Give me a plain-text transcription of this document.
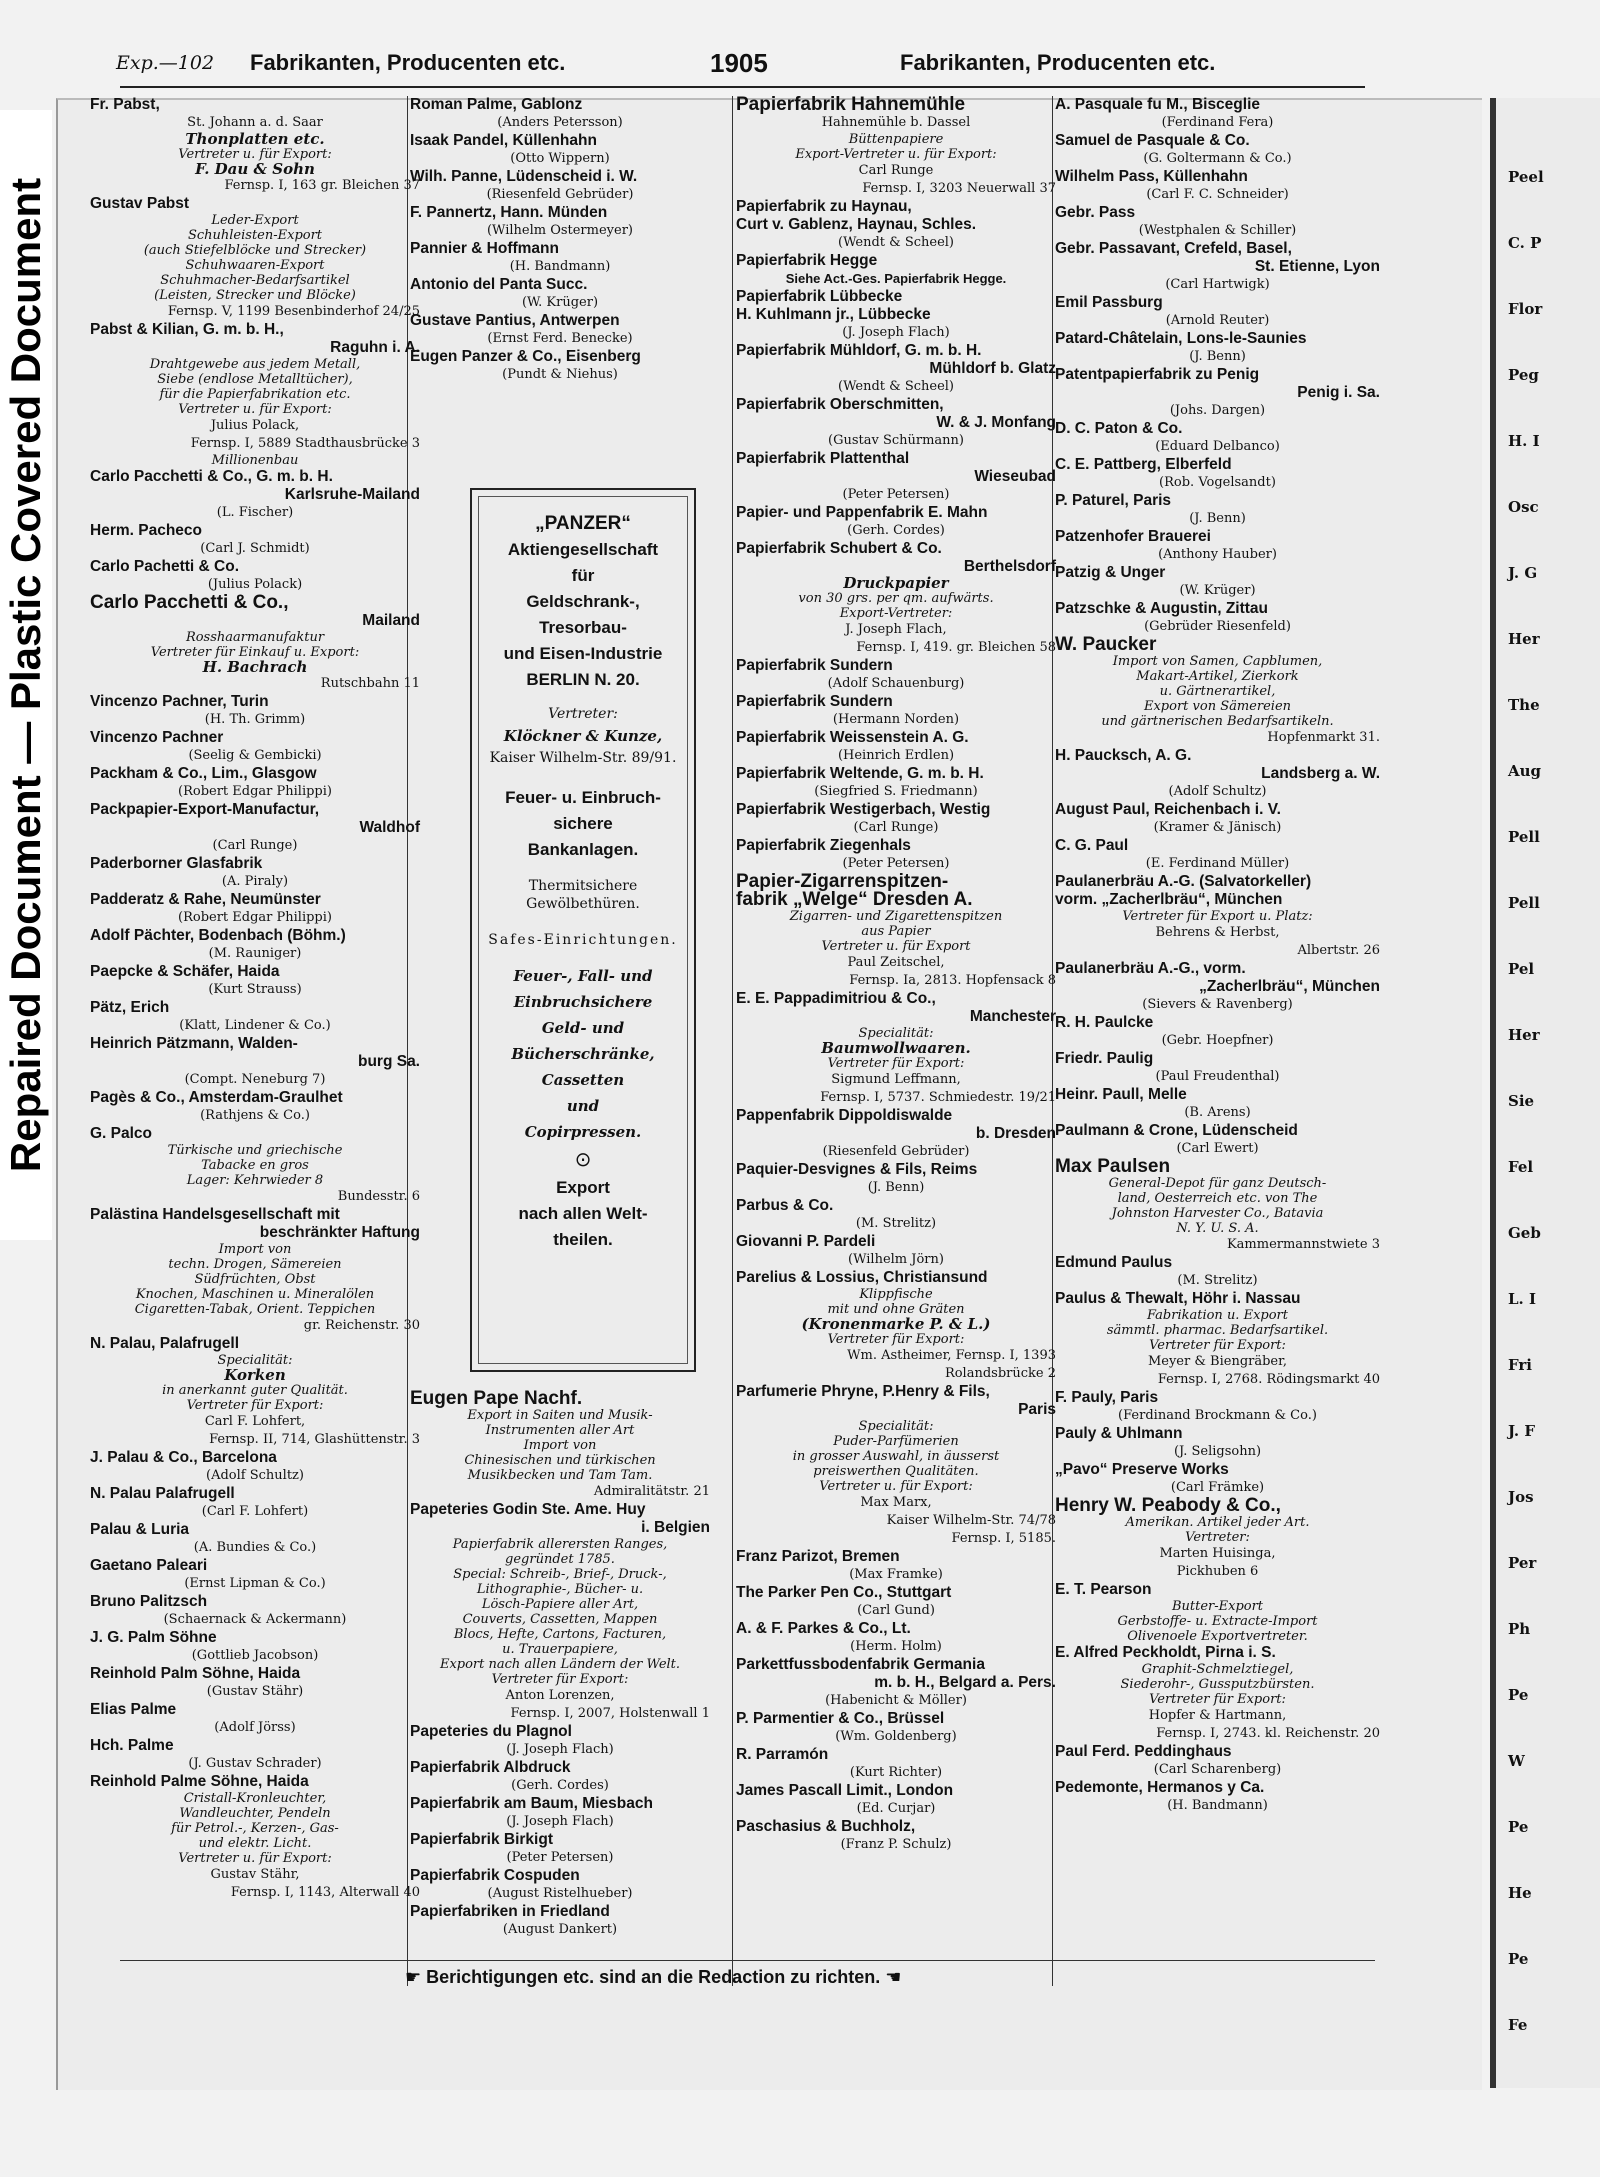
Repaired Document — Plastic Covered Document
Peel
C. P
Flor
Peg
H. I
Osc
J. G
Her
The
Aug
Pell
Pell
Pel
Her
Sie
Fel
Geb
L. I
Fri
J. F
Jos
Per
Ph
Pe
W
Pe
He
Pe
Fe
Exp.—102 Fabrikanten, Producenten etc.	1905	Fabrikanten, Producenten etc.
Fr. Pabst,
St. Johann a. d. Saar
Thonplatten etc.
Vertreter u. für Export:
F. Dau & Sohn
Fernsp. I, 163 gr. Bleichen 37
Gustav Pabst
Leder-Export
Schuhleisten-Export
(auch Stiefelblöcke und Strecker)
Schuhwaaren-Export
Schuhmacher-Bedarfsartikel
(Leisten, Strecker und Blöcke)
Fernsp. V, 1199 Besenbinderhof 24/25
Pabst & Kilian, G. m. b. H.,
Raguhn i. A.
Drahtgewebe aus jedem Metall,
Siebe (endlose Metalltücher),
für die Papierfabrikation etc.
Vertreter u. für Export:
Julius Polack,
Fernsp. I, 5889 Stadthausbrücke 3
Millionenbau
Carlo Pacchetti & Co., G. m. b. H.
Karlsruhe-Mailand
(L. Fischer)
Herm. Pacheco
(Carl J. Schmidt)
Carlo Pachetti & Co.
(Julius Polack)
Carlo Pacchetti & Co.,
Mailand
Rosshaarmanufaktur
Vertreter für Einkauf u. Export:
H. Bachrach
Rutschbahn 11
Vincenzo Pachner, Turin
(H. Th. Grimm)
Vincenzo Pachner
(Seelig & Gembicki)
Packham & Co., Lim., Glasgow
(Robert Edgar Philippi)
Packpapier-Export-Manufactur,
Waldhof
(Carl Runge)
Paderborner Glasfabrik
(A. Piraly)
Padderatz & Rahe, Neumünster
(Robert Edgar Philippi)
Adolf Pächter, Bodenbach (Böhm.)
(M. Rauniger)
Paepcke & Schäfer, Haida
(Kurt Strauss)
Pätz, Erich
(Klatt, Lindener & Co.)
Heinrich Pätzmann, Walden-
burg Sa.
(Compt. Neneburg 7)
Pagès & Co., Amsterdam-Graulhet
(Rathjens & Co.)
G. Palco
Türkische und griechische
Tabacke en gros
Lager: Kehrwieder 8
Bundesstr. 6
Palästina Handelsgesellschaft mit
beschränkter Haftung
Import von
techn. Drogen, Sämereien
Südfrüchten, Obst
Knochen, Maschinen u. Mineralölen
Cigaretten-Tabak, Orient. Teppichen
gr. Reichenstr. 30
N. Palau, Palafrugell
Specialität:
Korken
in anerkannt guter Qualität.
Vertreter für Export:
Carl F. Lohfert,
Fernsp. II, 714, Glashüttenstr. 3
J. Palau & Co., Barcelona
(Adolf Schultz)
N. Palau Palafrugell
(Carl F. Lohfert)
Palau & Luria
(A. Bundies & Co.)
Gaetano Paleari
(Ernst Lipman & Co.)
Bruno Palitzsch
(Schaernack & Ackermann)
J. G. Palm Söhne
(Gottlieb Jacobson)
Reinhold Palm Söhne, Haida
(Gustav Stähr)
Elias Palme
(Adolf Jörss)
Hch. Palme
(J. Gustav Schrader)
Reinhold Palme Söhne, Haida
Cristall-Kronleuchter,
Wandleuchter, Pendeln
für Petrol.-, Kerzen-, Gas-
und elektr. Licht.
Vertreter u. für Export:
Gustav Stähr,
Fernsp. I, 1143, Alterwall 40
Roman Palme, Gablonz
(Anders Petersson)
Isaak Pandel, Küllenhahn
(Otto Wippern)
Wilh. Panne, Lüdenscheid i. W.
(Riesenfeld Gebrüder)
F. Pannertz, Hann. Münden
(Wilhelm Ostermeyer)
Pannier & Hoffmann
(H. Bandmann)
Antonio del Panta Succ.
(W. Krüger)
Gustave Pantius, Antwerpen
(Ernst Ferd. Benecke)
Eugen Panzer & Co., Eisenberg
(Pundt & Niehus)
„PANZER“
Aktiengesellschaft
für
Geldschrank-,
Tresorbau-
und Eisen-Industrie
BERLIN N. 20.
Vertreter:
Klöckner & Kunze,
Kaiser Wilhelm-Str. 89/91.
Feuer- u. Einbruch-
sichere
Bankanlagen.
Thermitsichere
Gewölbethüren.
Safes-Einrichtungen.
Feuer-, Fall- und
Einbruchsichere
Geld- und
Bücherschränke,
Cassetten
und
Copirpressen.
⊙
Export
nach allen Welt-
theilen.
Eugen Pape Nachf.
Export in Saiten und Musik-
Instrumenten aller Art
Import von
Chinesischen und türkischen
Musikbecken und Tam Tam.
Admiralitätstr. 21
Papeteries Godin Ste. Ame. Huy
i. Belgien
Papierfabrik allerersten Ranges,
gegründet 1785.
Special: Schreib-, Brief-, Druck-,
Lithographie-, Bücher- u.
Lösch-Papiere aller Art,
Couverts, Cassetten, Mappen
Blocs, Hefte, Cartons, Facturen,
u. Trauerpapiere,
Export nach allen Ländern der Welt.
Vertreter für Export:
Anton Lorenzen,
Fernsp. I, 2007, Holstenwall 1
Papeteries du Plagnol
(J. Joseph Flach)
Papierfabrik Albdruck
(Gerh. Cordes)
Papierfabrik am Baum, Miesbach
(J. Joseph Flach)
Papierfabrik Birkigt
(Peter Petersen)
Papierfabrik Cospuden
(August Ristelhueber)
Papierfabriken in Friedland
(August Dankert)
Papierfabrik Hahnemühle
Hahnemühle b. Dassel
Büttenpapiere
Export-Vertreter u. für Export:
Carl Runge
Fernsp. I, 3203 Neuerwall 37
Papierfabrik zu Haynau,
Curt v. Gablenz, Haynau, Schles.
(Wendt & Scheel)
Papierfabrik Hegge
Siehe Act.-Ges. Papierfabrik Hegge.
Papierfabrik Lübbecke
H. Kuhlmann jr., Lübbecke
(J. Joseph Flach)
Papierfabrik Mühldorf, G. m. b. H.
Mühldorf b. Glatz
(Wendt & Scheel)
Papierfabrik Oberschmitten,
W. & J. Monfang
(Gustav Schürmann)
Papierfabrik Plattenthal
Wieseubad
(Peter Petersen)
Papier- und Pappenfabrik E. Mahn
(Gerh. Cordes)
Papierfabrik Schubert & Co.
Berthelsdorf
Druckpapier
von 30 grs. per qm. aufwärts.
Export-Vertreter:
J. Joseph Flach,
Fernsp. I, 419. gr. Bleichen 58
Papierfabrik Sundern
(Adolf Schauenburg)
Papierfabrik Sundern
(Hermann Norden)
Papierfabrik Weissenstein A. G.
(Heinrich Erdlen)
Papierfabrik Weltende, G. m. b. H.
(Siegfried S. Friedmann)
Papierfabrik Westigerbach, Westig
(Carl Runge)
Papierfabrik Ziegenhals
(Peter Petersen)
Papier-Zigarrenspitzen-
fabrik „Welge“ Dresden A.
Zigarren- und Zigarettenspitzen
aus Papier
Vertreter u. für Export
Paul Zeitschel,
Fernsp. Ia, 2813. Hopfensack 8
E. E. Pappadimitriou & Co.,
Manchester
Specialität:
Baumwollwaaren.
Vertreter für Export:
Sigmund Leffmann,
Fernsp. I, 5737. Schmiedestr. 19/21
Pappenfabrik Dippoldiswalde
b. Dresden
(Riesenfeld Gebrüder)
Paquier-Desvignes & Fils, Reims
(J. Benn)
Parbus & Co.
(M. Strelitz)
Giovanni P. Pardeli
(Wilhelm Jörn)
Parelius & Lossius, Christiansund
Klippfische
mit und ohne Gräten
(Kronenmarke P. & L.)
Vertreter für Export:
Wm. Astheimer, Fernsp. I, 1393
Rolandsbrücke 2
Parfumerie Phryne, P.Henry & Fils,
Paris
Specialität:
Puder-Parfümerien
in grosser Auswahl, in äusserst
preiswerthen Qualitäten.
Vertreter u. für Export:
Max Marx,
Kaiser Wilhelm-Str. 74/78
Fernsp. I, 5185.
Franz Parizot, Bremen
(Max Framke)
The Parker Pen Co., Stuttgart
(Carl Gund)
A. & F. Parkes & Co., Lt.
(Herm. Holm)
Parkettfussbodenfabrik Germania
m. b. H., Belgard a. Pers.
(Habenicht & Möller)
P. Parmentier & Co., Brüssel
(Wm. Goldenberg)
R. Parramón
(Kurt Richter)
James Pascall Limit., London
(Ed. Curjar)
Paschasius & Buchholz,
(Franz P. Schulz)
A. Pasquale fu M., Bisceglie
(Ferdinand Fera)
Samuel de Pasquale & Co.
(G. Goltermann & Co.)
Wilhelm Pass, Küllenhahn
(Carl F. C. Schneider)
Gebr. Pass
(Westphalen & Schiller)
Gebr. Passavant, Crefeld, Basel,
St. Etienne, Lyon
(Carl Hartwigk)
Emil Passburg
(Arnold Reuter)
Patard-Châtelain, Lons-le-Saunies
(J. Benn)
Patentpapierfabrik zu Penig
Penig i. Sa.
(Johs. Dargen)
D. C. Paton & Co.
(Eduard Delbanco)
C. E. Pattberg, Elberfeld
(Rob. Vogelsandt)
P. Paturel, Paris
(J. Benn)
Patzenhofer Brauerei
(Anthony Hauber)
Patzig & Unger
(W. Krüger)
Patzschke & Augustin, Zittau
(Gebrüder Riesenfeld)
W. Paucker
Import von Samen, Capblumen,
Makart-Artikel, Zierkork
u. Gärtnerartikel,
Export von Sämereien
und gärtnerischen Bedarfsartikeln.
Hopfenmarkt 31.
H. Paucksch, A. G.
Landsberg a. W.
(Adolf Schultz)
August Paul, Reichenbach i. V.
(Kramer & Jänisch)
C. G. Paul
(E. Ferdinand Müller)
Paulanerbräu A.-G. (Salvatorkeller)
vorm. „Zacherlbräu“, München
Vertreter für Export u. Platz:
Behrens & Herbst,
Albertstr. 26
Paulanerbräu A.-G., vorm.
„Zacherlbräu“, München
(Sievers & Ravenberg)
R. H. Paulcke
(Gebr. Hoepfner)
Friedr. Paulig
(Paul Freudenthal)
Heinr. Paull, Melle
(B. Arens)
Paulmann & Crone, Lüdenscheid
(Carl Ewert)
Max Paulsen
General-Depot für ganz Deutsch-
land, Oesterreich etc. von The
Johnston Harvester Co., Batavia
N. Y. U. S. A.
Kammermannstwiete 3
Edmund Paulus
(M. Strelitz)
Paulus & Thewalt, Höhr i. Nassau
Fabrikation u. Export
sämmtl. pharmac. Bedarfsartikel.
Vertreter für Export:
Meyer & Biengräber,
Fernsp. I, 2768. Rödingsmarkt 40
F. Pauly, Paris
(Ferdinand Brockmann & Co.)
Pauly & Uhlmann
(J. Seligsohn)
„Pavo“ Preserve Works
(Carl Främke)
Henry W. Peabody & Co.,
Amerikan. Artikel jeder Art.
Vertreter:
Marten Huisinga,
Pickhuben 6
E. T. Pearson
Butter-Export
Gerbstoffe- u. Extracte-Import
Olivenoele Exportvertreter.
E. Alfred Peckholdt, Pirna i. S.
Graphit-Schmelztiegel,
Siederohr-, Gussputzbürsten.
Vertreter für Export:
Hopfer & Hartmann,
Fernsp. I, 2743. kl. Reichenstr. 20
Paul Ferd. Peddinghaus
(Carl Scharenberg)
Pedemonte, Hermanos y Ca.
(H. Bandmann)
☛ Berichtigungen etc. sind an die Redaction zu richten. ☚
